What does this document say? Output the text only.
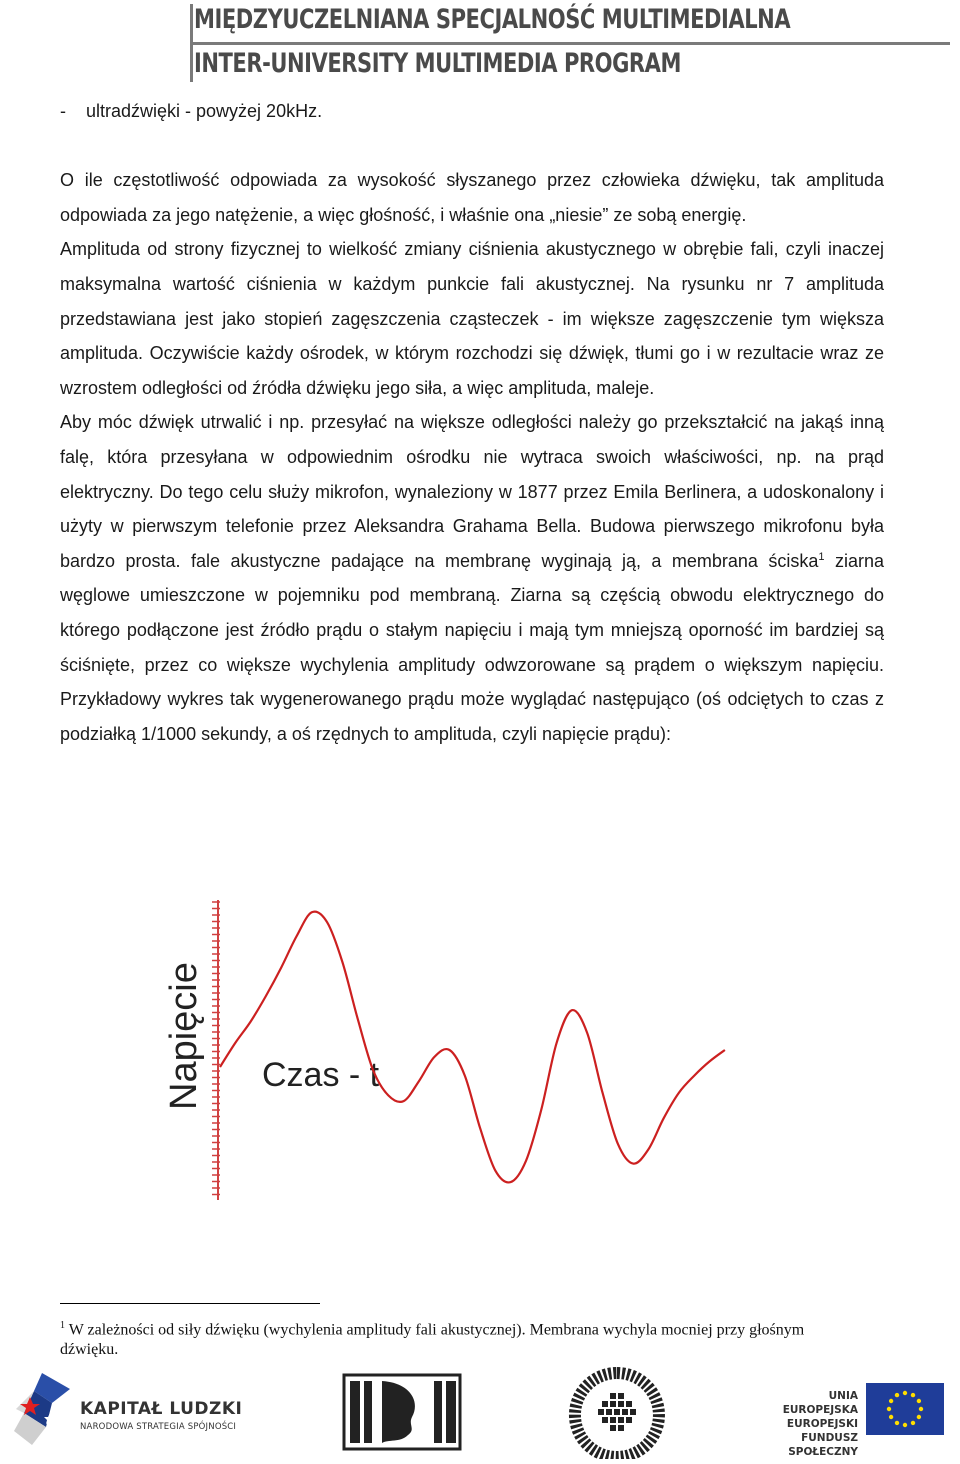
MIĘDZYUCZELNIANA SPECJALNOŚĆ MULTIMEDIALNA
INTER-UNIVERSITY MULTIMEDIA PROGRAM

-    ultradźwięki - powyżej 20kHz.

O ile częstotliwość odpowiada za wysokość słyszanego przez człowieka dźwięku, tak amplituda odpowiada za jego natężenie, a więc głośność, i właśnie ona „niesie” ze sobą energię.

Amplituda od strony fizycznej to wielkość zmiany ciśnienia akustycznego w obrębie fali, czyli inaczej maksymalna wartość ciśnienia w każdym punkcie fali akustycznej. Na rysunku nr 7 amplituda przedstawiana jest jako stopień zagęszczenia cząsteczek - im większe zagęszczenie tym większa amplituda. Oczywiście każdy ośrodek, w którym rozchodzi się dźwięk, tłumi go i w rezultacie wraz ze wzrostem odległości od źródła dźwięku jego siła, a więc amplituda, maleje.

Aby móc dźwięk utrwalić i np. przesyłać na większe odległości należy go przekształcić na jakąś inną falę, która przesyłana w odpowiednim ośrodku nie wytraca swoich właściwości, np. na prąd elektryczny. Do tego celu służy mikrofon, wynaleziony w 1877 przez Emila Berlinera, a udoskonalony i użyty w pierwszym telefonie przez Aleksandra Grahama Bella. Budowa pierwszego mikrofonu była bardzo prosta. fale akustyczne padające na membranę wyginają ją, a membrana ściska$^1$ ziarna węglowe umieszczone w pojemniku pod membraną. Ziarna są częścią obwodu elektrycznego do którego podłączone jest źródło prądu o stałym napięciu i mają tym mniejszą oporność im bardziej są ściśnięte, przez co większe wychylenia amplitudy odwzorowane są prądem o większym napięciu. Przykładowy wykres tak wygenerowanego prądu może wyglądać następująco (oś odciętych to czas z podziałką 1/1000 sekundy, a oś rzędnych to amplituda, czyli napięcie prądu):

Napięcie Czas - t
$^1$ W zależności od siły dźwięku (wychylenia amplitudy fali akustycznej). Membrana wychyla mocniej przy głośnym dźwięku.
KAPITAŁ LUDZKI
NARODOWA STRATEGIA SPÓJNOŚCI
UNIA EUROPEJSKA
EUROPEJSKI
FUNDUSZ SPOŁECZNY
